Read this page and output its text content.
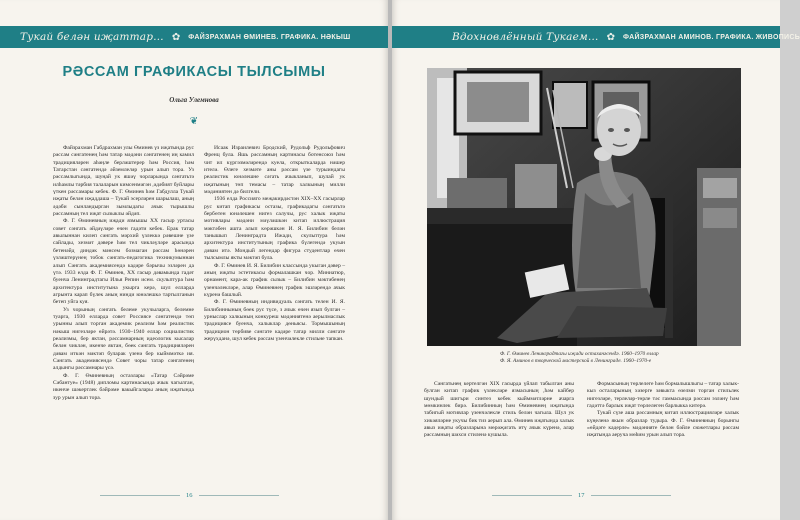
Тукай белән иҗаттар… ✿ ФАЙЗРАХМАН ӨМИНЕВ. ГРАФИКА. НӘКЫШ
РӘССАМ ГРАФИКАСЫ ТЫЛСЫМЫ
Ольга Улемнова
❦

Файзрахман Габдрахман улы Өминев үз иҗатында рус рәссам сәнгатенең һәм татар мәдәни сәнгатенең иң камил традицияләрен аһәңле берләштерер һәм Россия, һәм Татарстан сәнгатендә әйземлеләр урын алып тора. Уз рәссамлыгында, шуңай ук яшәү чорларында сәнгатьтә илһамлы тәрбия талаларын кимсенмәгән ,әдәбият буйлары үткен рәссамары кебек. Ф. Г. Өминев һәм Габдулла Тукай иҗаты белән иҗаддаша – Тукай эсерләрен шарылаш, аның әдәби сынландырган зымлыдагы ачык тырышлы рәссамның тел иҗат сызыклы әйдәп.

Ф. Г. Өминевның иҗади язмышы ХХ гасыр уртасы совет сәнгать әйдәүләре өчен гадәти кебек. Ерак татар авылыннан килеп сәнгать мәрхий үзлеккә рәвешне үзе сайлады, хезмәт дәвере һәм тел чикләүләре арасында бетенәйд диндәк мәнсем бозмаган рәссам һөнәрен үзләштерүнең тобок сәнгать-педагогика техникумыннан алып Сәнгать академиясендә кадәре бәрычы эзләрен да үтә. 1933 елда Ф. Г. Өминев, XX гасыр дәвамында гадәт буенча Ленинградтагы Илья Репин исем. скульптура һәм архитектура институтына укырга керә, шул елларда агрынта карап бүлек аның нинди юнәлешкә тартылганын бетеп уйга куя.

Уз чорының сәнгать белеме укучыларга, белемне туарга, 1930 елларда совет Россиясе сәнгатендә төп урынны алып торган академик реализм һәм реалистик нәкыш нигезләре өйрәтә. 1930–1940 еллар социалистик реализмы, бер яктан, рәссамнарның идеологик кысалар белән чиклән, икенче яктан, бөек сәнгать традицияләрен дәвам иткән мәктәп буларак үзенә бер кыйммәткә ия. Сәнгать академиясендә Совет чоры татар сәнгатенең алдынгы рәссамнары үсә.

Ф. Г. Өминевның остазлары «Татар Сәйрәме Сәбантуе» (1948) дипломы картинасында ачык чагылган, икенче шәкертлек бәйрәме вакыйгалары аның иҗатында зур урын алып тора.

Исаак Израилевич Бродский, Рудольф Рудольфович Френц була. Яшь рәссамның картинасы ботенсоюз һәм чит ил күргәзмәләрендә куела, открыткаларда нәшер ителә. Өлеге хезмәте аны рәссам үзе турыиндагы реалистик юнәлешне сәгать ачыкланып, шулай ук иҗатының төп темасы – татар халкының милли мәдәниятен дә билгели.

1936 елда Россияго меҗакирдәстән XIX–XX гасырлар рус китап графикасы остазы, графикадагы сәнгатьтә бербөтен юнәлешен нигез салучы, рус халык иҗаты мотивлары мәдәни мәүләшкән китап иллюстрация мәктәбен ашта алып көрәшкән И. Я. Билибин белән танышып Ленинградта Ижади, скульптура һәм архитектура институтының графика бүлегендә укуын дәвам итә. Мондый легендар фигура студентлар өчен тылсымлы якты мәктәп була.

Ф. Г. Өминев И. Я. Билибин классында укыган дәвер – аның иҗаты эстетикасы формалашкан чор. Миниатюр, орнамент, кара-ак график сызык – Билибин мәктәбенең үзенчәлекләре, алар Өминевнең график эшләрендә ачык күренә башлый.

Ф. Г. Өминевның индивидуаль сәнгать телен И. Я. Билибиннының бөек рус түсе, з ачык өчен язып булган – урныслар халкының конкуреш мәдәниятенә аерылмаслык традициясе буенча, халыклар дөньясы. Тормышының традицион төрбиве сәнгате кадәре татар милли сәнгате жерүхданә, шул кебек рәссам үзенчәлекле стильне тапкан.

16
Вдохновлённый Тукаем… ✿ ФАЙЗРАХМАН АМИНОВ. ГРАФИКА. ЖИВОПИСЬ
Ф. Г. Өминев Ленинградтагы иҗади остаханәсендә. 1960–1970 еллар
Ф. Я. Аминов в творческой мастерской в Ленинграде. 1960–1970-е

Сәнгатьнең кертелгән XIX гасырда үйлап табылган аны булган китап график үзлекләре язмасының ,һәм кайбер шундый шигъри синтез кебек кыйммәтләрне ачарга мөмкинлек бирә. Билибинның һәм Өминевнең иҗатында табигый мотивлар үзенчәлекле стиль белән чагыла. Шул ук хикәяләрне укучы бик тиз аерып ала. Өминев иҗатында халык авыз иҗаты образларына мөрәҗәгать итү ачык күренә, алар рәссамның шәхси стиленә кушыла.

Формасының төрлелеге һәм бормалышлыгы – татар халык-кыз осталарының хәзерге зәвыкта өзелми торган стильлек нигезләре, терлеләр-төрле тәс гаммасында рәссам эзләнү һәм гадәттә барлык иҗат төрлелеген барлыкка китерә.

Тукай сүзе аша рәссамның китап иллюстрацияләре халык күңеленә якын образлар тудыра. Ф. Г. Өминевның борынгы «өйдәге кадерле» мәдәнияте белән бәйле сюжетлары рәссам иҗатында аеруча мөһим урын алып тора.

17
